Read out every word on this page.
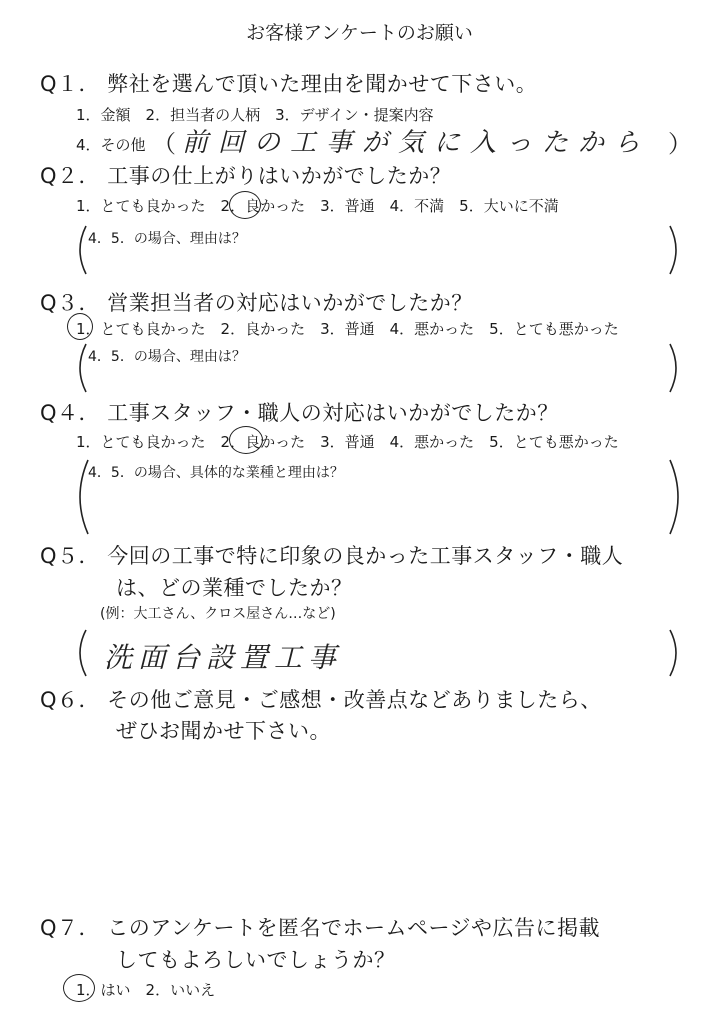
お客様アンケートのお願い
Q１． 弊社を選んで頂いた理由を聞かせて下さい。
1．金額　2．担当者の人柄　3．デザイン・提案内容
4．その他 （ 前回の工事が気に入ったから ）
Q２． 工事の仕上がりはいかがでしたか？
1．とても良かった　2．良かった　3．普通　4．不満　5．大いに不満
4．5．の場合、理由は？
Q３． 営業担当者の対応はいかがでしたか？
1．とても良かった　2．良かった　3．普通　4．悪かった　5．とても悪かった
4．5．の場合、理由は？
Q４． 工事スタッフ・職人の対応はいかがでしたか？
1．とても良かった　2．良かった　3．普通　4．悪かった　5．とても悪かった
4．5．の場合、具体的な業種と理由は？
Q５． 今回の工事で特に印象の良かった工事スタッフ・職人
は、どの業種でしたか？
(例：大工さん、クロス屋さん…など)
洗面台設置工事
Q６． その他ご意見・ご感想・改善点などありましたら、
ぜひお聞かせ下さい。
Q７． このアンケートを匿名でホームページや広告に掲載
してもよろしいでしょうか？
1．はい　2．いいえ
